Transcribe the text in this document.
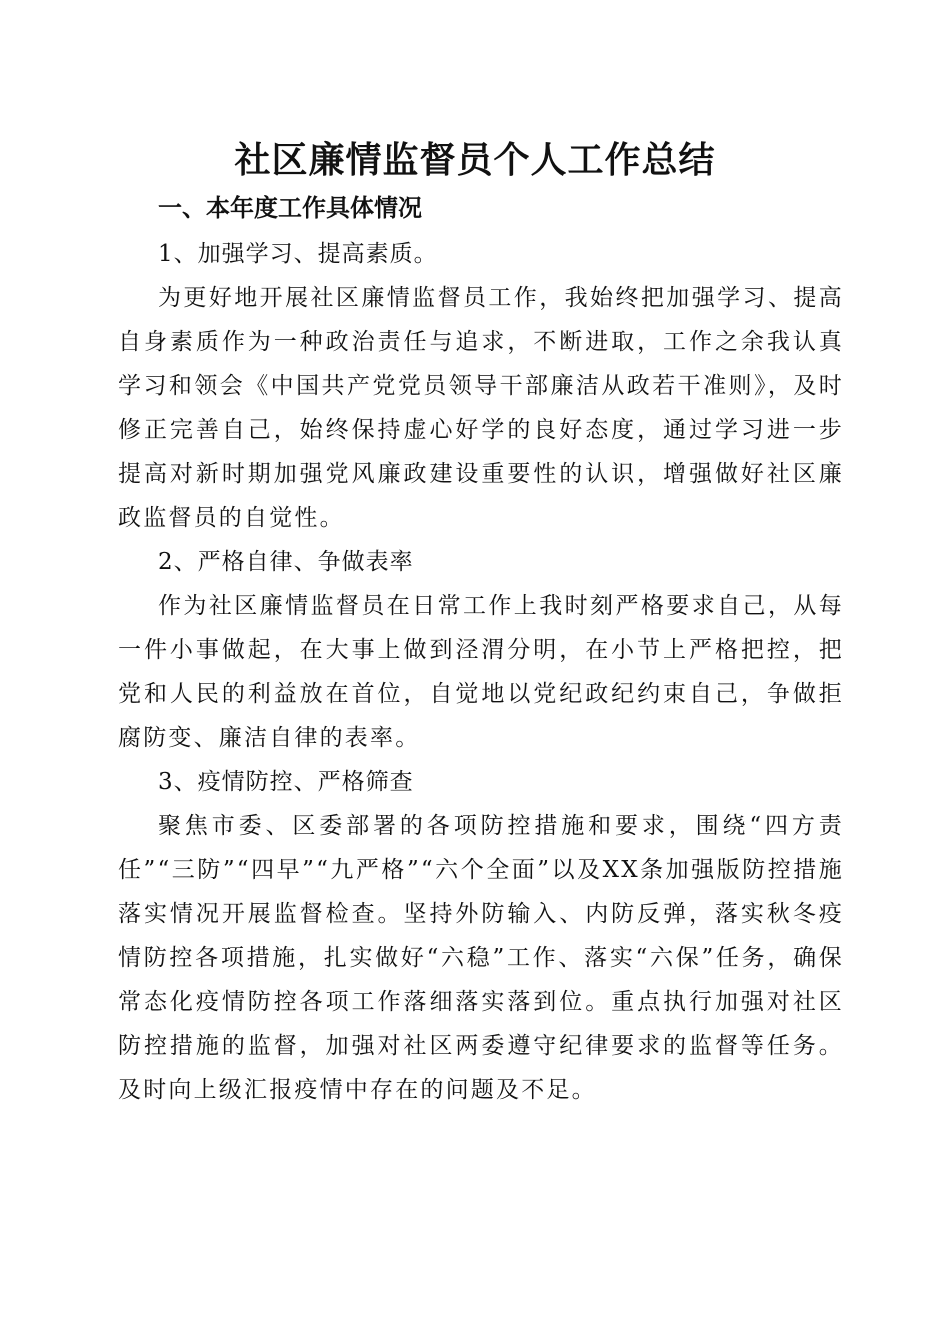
社区廉情监督员个人工作总结
一、本年度工作具体情况

1、加强学习、提高素质。

为更好地开展社区廉情监督员工作，我始终把加强学习、提高自身素质作为一种政治责任与追求，不断进取，工作之余我认真学习和领会《中国共产党党员领导干部廉洁从政若干准则》，及时修正完善自己，始终保持虚心好学的良好态度，通过学习进一步提高对新时期加强党风廉政建设重要性的认识，增强做好社区廉政监督员的自觉性。

2、严格自律、争做表率

作为社区廉情监督员在日常工作上我时刻严格要求自己，从每一件小事做起，在大事上做到泾渭分明，在小节上严格把控，把党和人民的利益放在首位，自觉地以党纪政纪约束自己，争做拒腐防变、廉洁自律的表率。

3、疫情防控、严格筛查

聚焦市委、区委部署的各项防控措施和要求，围绕“四方责任”“三防”“四早”“九严格”“六个全面”以及XX条加强版防控措施落实情况开展监督检查。坚持外防输入、内防反弹，落实秋冬疫情防控各项措施，扎实做好“六稳”工作、落实“六保”任务，确保常态化疫情防控各项工作落细落实落到位。重点执行加强对社区防控措施的监督，加强对社区两委遵守纪律要求的监督等任务。及时向上级汇报疫情中存在的问题及不足。
